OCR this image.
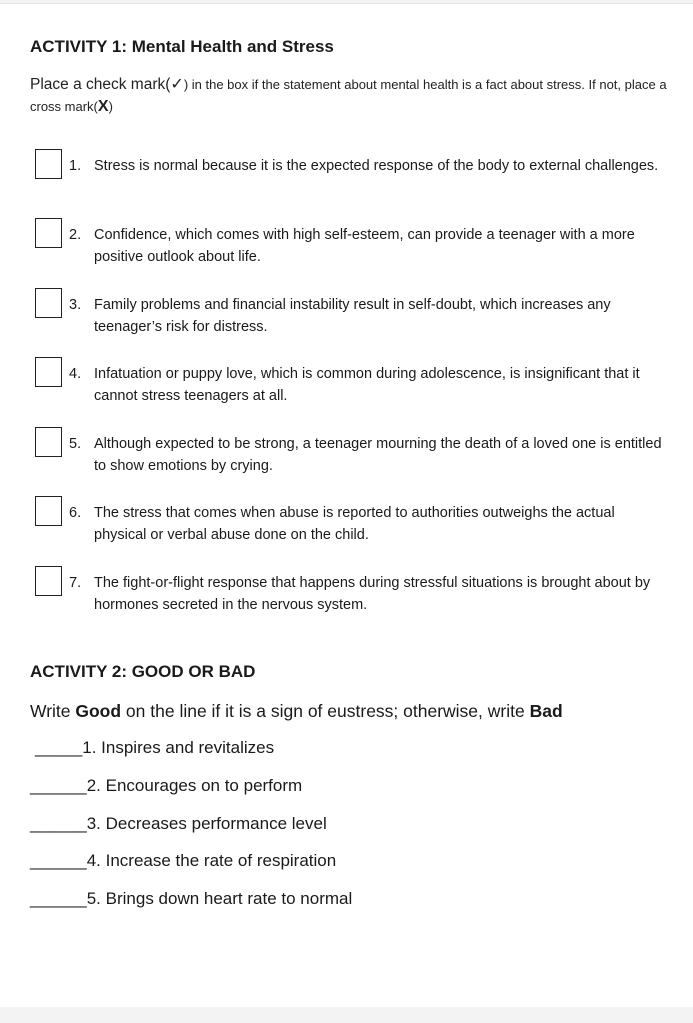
ACTIVITY 1: Mental Health and Stress
Place a check mark(✓) in the box if the statement about mental health is a fact about stress. If not, place a cross mark(X)
1. Stress is normal because it is the expected response of the body to external challenges.
2. Confidence, which comes with high self-esteem, can provide a teenager with a more positive outlook about life.
3. Family problems and financial instability result in self-doubt, which increases any teenager’s risk for distress.
4. Infatuation or puppy love, which is common during adolescence, is insignificant that it cannot stress teenagers at all.
5. Although expected to be strong, a teenager mourning the death of a loved one is entitled to show emotions by crying.
6. The stress that comes when abuse is reported to authorities outweighs the actual physical or verbal abuse done on the child.
7. The fight-or-flight response that happens during stressful situations is brought about by hormones secreted in the nervous system.
ACTIVITY 2: GOOD OR BAD
Write Good on the line if it is a sign of eustress; otherwise, write Bad
_____1. Inspires and revitalizes
______2. Encourages on to perform
______3. Decreases performance level
______4. Increase the rate of respiration
______5. Brings down heart rate to normal
